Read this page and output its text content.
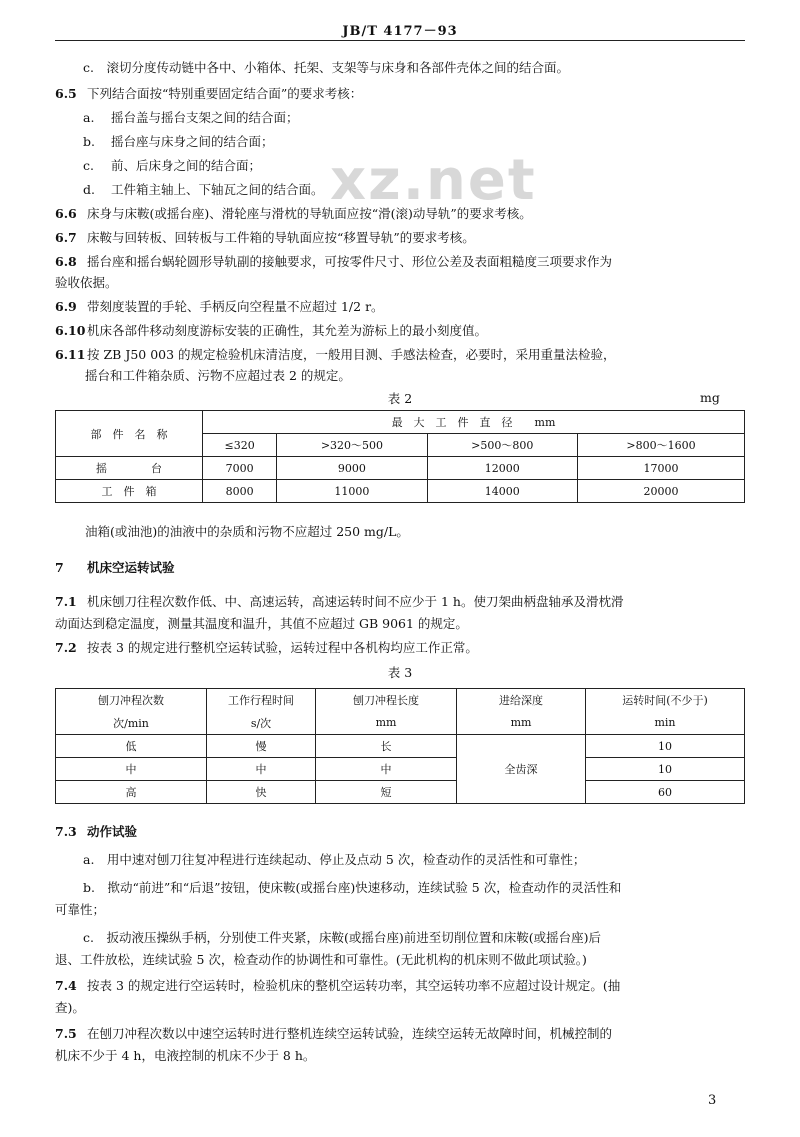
JB/T 4177－93
xz.net
c.　滚切分度传动链中各中、小箱体、托架、支架等与床身和各部件壳体之间的结合面。
6.5 下列结合面按“特别重要固定结合面”的要求考核：
a. 摇台盖与摇台支架之间的结合面；
b. 摇台座与床身之间的结合面；
c. 前、后床身之间的结合面；
d. 工件箱主轴上、下轴瓦之间的结合面。
6.6 床身与床鞍(或摇台座)、滑轮座与滑枕的导轨面应按“滑(滚)动导轨”的要求考核。
6.7 床鞍与回转板、回转板与工件箱的导轨面应按“移置导轨”的要求考核。
6.8 摇台座和摇台蜗轮圆形导轨副的接触要求，可按零件尺寸、形位公差及表面粗糙度三项要求作为
验收依据。
6.9 带刻度装置的手轮、手柄反向空程量不应超过 1/2 r。
6.10 机床各部件移动刻度游标安装的正确性，其允差为游标上的最小刻度值。
6.11 按 ZB J50 003 的规定检验机床清洁度，一般用目测、手感法检查，必要时，采用重量法检验，
摇台和工件箱杂质、污物不应超过表 2 的规定。
表 2	mg
部　件　名　称	最　大　工　件　直　径　　mm			
	≤320	>320～500	>500～800	>800～1600
摇　　　　台	7000	9000	12000	17000
工　件　箱	8000	11000	14000	20000
油箱(或油池)的油液中的杂质和污物不应超过 250 mg/L。
7 机床空运转试验
7.1 机床刨刀往程次数作低、中、高速运转，高速运转时间不应少于 1 h。使刀架曲柄盘轴承及滑枕滑
动面达到稳定温度，测量其温度和温升，其值不应超过 GB 9061 的规定。
7.2 按表 3 的规定进行整机空运转试验，运转过程中各机构均应工作正常。
表 3
刨刀冲程次数	工作行程时间	刨刀冲程长度	进给深度	运转时间(不少于)
次/min	s/次	mm	mm	min
低	慢	长	全齿深	10
中	中	中		10
高	快	短		60
7.3 动作试验
a.　用中速对刨刀往复冲程进行连续起动、停止及点动 5 次，检查动作的灵活性和可靠性；
b.　揿动“前进”和“后退”按钮，使床鞍(或摇台座)快速移动，连续试验 5 次，检查动作的灵活性和
可靠性；
c.　扳动液压操纵手柄，分别使工件夹紧，床鞍(或摇台座)前进至切削位置和床鞍(或摇台座)后
退、工件放松，连续试验 5 次，检查动作的协调性和可靠性。(无此机构的机床则不做此项试验。)
7.4 按表 3 的规定进行空运转时，检验机床的整机空运转功率，其空运转功率不应超过设计规定。(抽
查)。
7.5 在刨刀冲程次数以中速空运转时进行整机连续空运转试验，连续空运转无故障时间，机械控制的
机床不少于 4 h，电液控制的机床不少于 8 h。
3
